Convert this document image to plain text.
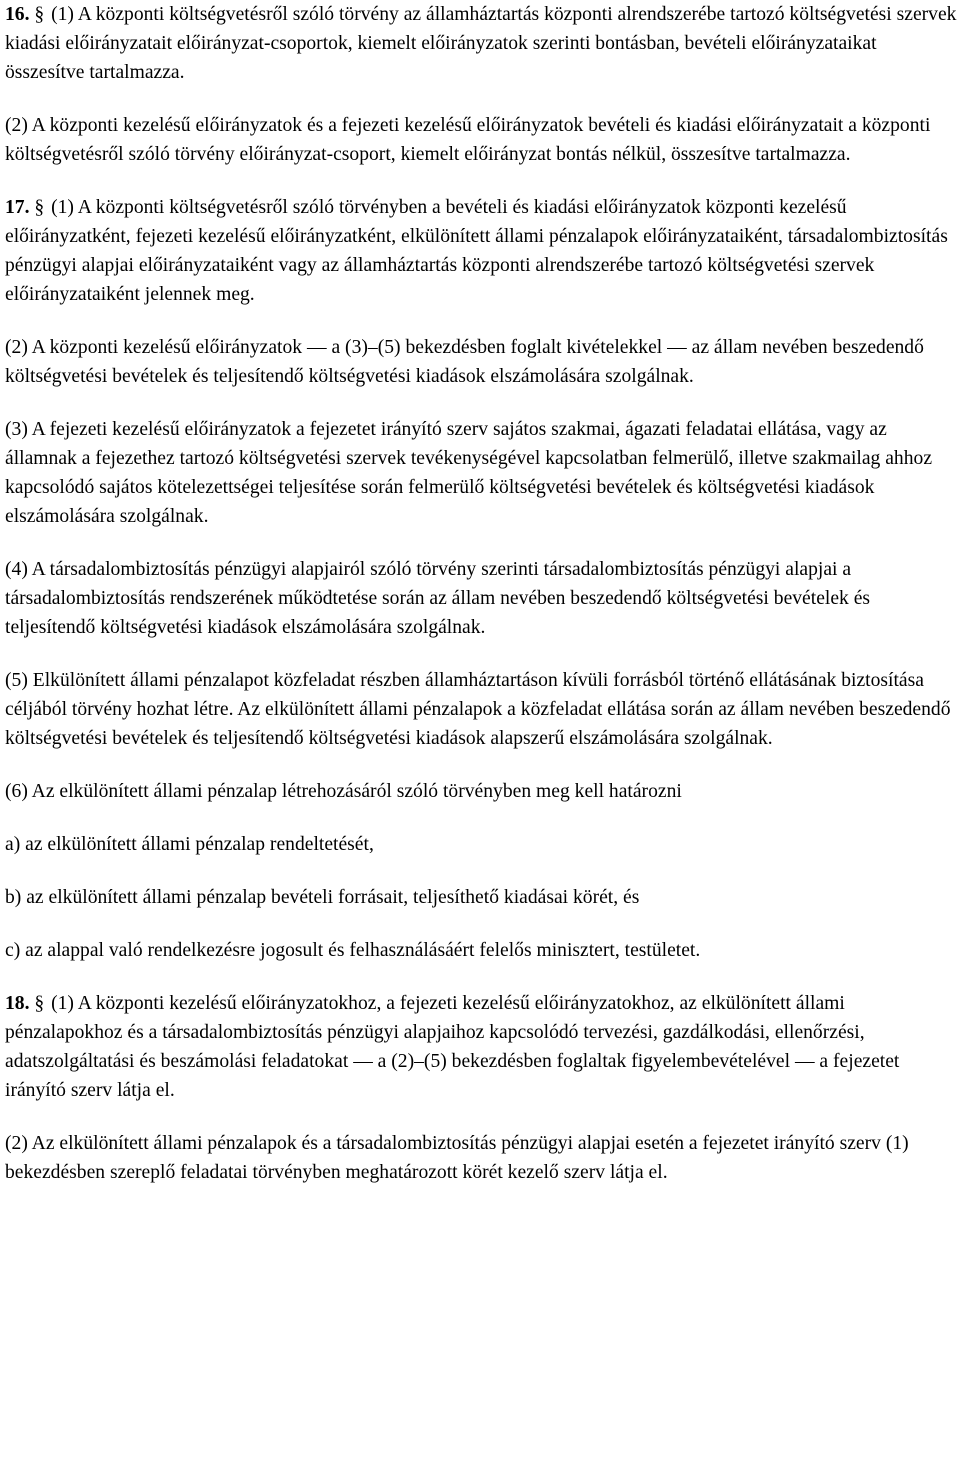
16. § (1) A központi költségvetésről szóló törvény az államháztartás központi alrendszerébe tartozó költségvetési szervek kiadási előirányzatait előirányzat-csoportok, kiemelt előirányzatok szerinti bontásban, bevételi előirányzataikat összesítve tartalmazza.

(2) A központi kezelésű előirányzatok és a fejezeti kezelésű előirányzatok bevételi és kiadási előirányzatait a központi költségvetésről szóló törvény előirányzat-csoport, kiemelt előirányzat bontás nélkül, összesítve tartalmazza.

17. § (1) A központi költségvetésről szóló törvényben a bevételi és kiadási előirányzatok központi kezelésű előirányzatként, fejezeti kezelésű előirányzatként, elkülönített állami pénzalapok előirányzataiként, társadalombiztosítás pénzügyi alapjai előirányzataiként vagy az államháztartás központi alrendszerébe tartozó költségvetési szervek előirányzataiként jelennek meg.

(2) A központi kezelésű előirányzatok — a (3)–(5) bekezdésben foglalt kivételekkel — az állam nevében beszedendő költségvetési bevételek és teljesítendő költségvetési kiadások elszámolására szolgálnak.

(3) A fejezeti kezelésű előirányzatok a fejezetet irányító szerv sajátos szakmai, ágazati feladatai ellátása, vagy az államnak a fejezethez tartozó költségvetési szervek tevékenységével kapcsolatban felmerülő, illetve szakmailag ahhoz kapcsolódó sajátos kötelezettségei teljesítése során felmerülő költségvetési bevételek és költségvetési kiadások elszámolására szolgálnak.

(4) A társadalombiztosítás pénzügyi alapjairól szóló törvény szerinti társadalombiztosítás pénzügyi alapjai a társadalombiztosítás rendszerének működtetése során az állam nevében beszedendő költségvetési bevételek és teljesítendő költségvetési kiadások elszámolására szolgálnak.

(5) Elkülönített állami pénzalapot közfeladat részben államháztartáson kívüli forrásból történő ellátásának biztosítása céljából törvény hozhat létre. Az elkülönített állami pénzalapok a közfeladat ellátása során az állam nevében beszedendő költségvetési bevételek és teljesítendő költségvetési kiadások alapszerű elszámolására szolgálnak.

(6) Az elkülönített állami pénzalap létrehozásáról szóló törvényben meg kell határozni

a) az elkülönített állami pénzalap rendeltetését,

b) az elkülönített állami pénzalap bevételi forrásait, teljesíthető kiadásai körét, és

c) az alappal való rendelkezésre jogosult és felhasználásáért felelős minisztert, testületet.

18. § (1) A központi kezelésű előirányzatokhoz, a fejezeti kezelésű előirányzatokhoz, az elkülönített állami pénzalapokhoz és a társadalombiztosítás pénzügyi alapjaihoz kapcsolódó tervezési, gazdálkodási, ellenőrzési, adatszolgáltatási és beszámolási feladatokat — a (2)–(5) bekezdésben foglaltak figyelembevételével — a fejezetet irányító szerv látja el.

(2) Az elkülönített állami pénzalapok és a társadalombiztosítás pénzügyi alapjai esetén a fejezetet irányító szerv (1) bekezdésben szereplő feladatai törvényben meghatározott körét kezelő szerv látja el.
